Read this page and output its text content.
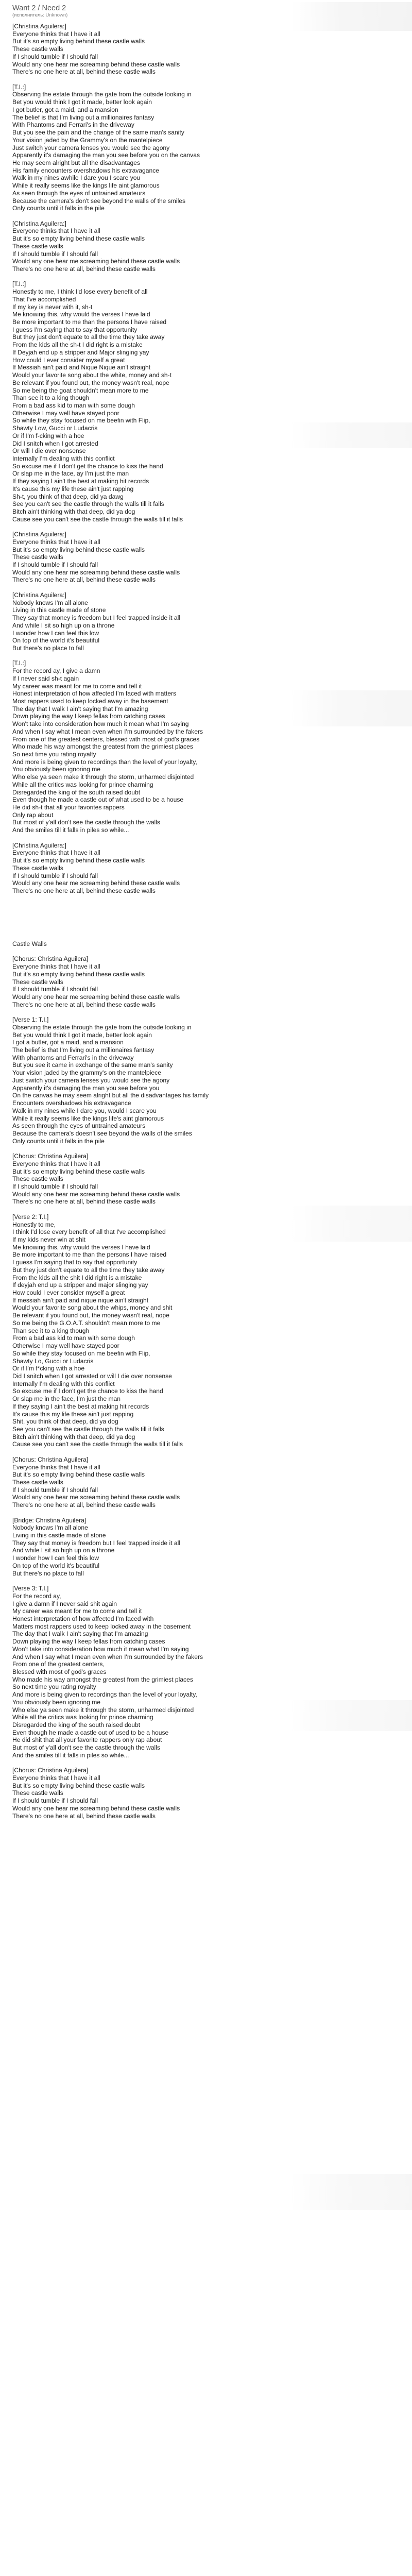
Want 2 / Need 2
(исполнитель: Unknown)
[Christina Aguilera:]
Everyone thinks that I have it all
But it's so empty living behind these castle walls
These castle walls
If I should tumble if I should fall
Would any one hear me screaming behind these castle walls
There's no one here at all, behind these castle walls
[T.I.:]
Observing the estate through the gate from the outside looking in
Bet you would think I got it made, better look again
I got butler, got a maid, and a mansion
The belief is that I'm living out a millionaires fantasy
With Phantoms and Ferrari's in the driveway
But you see the pain and the change of the same man's sanity
Your vision jaded by the Grammy's on the mantelpiece
Just switch your camera lenses you would see the agony
Apparently it's damaging the man you see before you on the canvas
He may seem alright but all the disadvantages
His family encounters overshadows his extravagance
Walk in my nines awhile I dare you I scare you
While it really seems like the kings life aint glamorous
As seen through the eyes of untrained amateurs
Because the camera's don't see beyond the walls of the smiles
Only counts until it falls in the pile
[Christina Aguilera:]
Everyone thinks that I have it all
But it's so empty living behind these castle walls
These castle walls
If I should tumble if I should fall
Would any one hear me screaming behind these castle walls
There's no one here at all, behind these castle walls
[T.I.:]
Honestly to me, I think I'd lose every benefit of all
That I've accomplished
If my key is never with it, sh-t
Me knowing this, why would the verses I have laid
Be more important to me than the persons I have raised
I guess I'm saying that to say that opportunity
But they just don't equate to all the time they take away
From the kids all the sh-t I did right is a mistake
If Deyjah end up a stripper and Major slinging yay
How could I ever consider myself a great
If Messiah ain't paid and Nique Nique ain't straight
Would your favorite song about the white, money and sh-t
Be relevant if you found out, the money wasn't real, nope
So me being the goat shouldn't mean more to me
Than see it to a king though
From a bad ass kid to man with some dough
Otherwise I may well have stayed poor
So while they stay focused on me beefin with Flip,
Shawty Low, Gucci or Ludacris
Or if I'm f-cking with a hoe
Did I snitch when I got arrested
Or will I die over nonsense
Internally I'm dealing with this conflict
So excuse me if I don't get the chance to kiss the hand
Or slap me in the face, ay I'm just the man
If they saying I ain't the best at making hit records
It's cause this my life these ain't just rapping
Sh-t, you think of that deep, did ya dawg
See you can't see the castle through the walls till it falls
Bitch ain't thinking with that deep, did ya dog
Cause see you can't see the castle through the walls till it falls
[Christina Aguilera:]
Everyone thinks that I have it all
But it's so empty living behind these castle walls
These castle walls
If I should tumble if I should fall
Would any one hear me screaming behind these castle walls
There's no one here at all, behind these castle walls
[Christina Aguilera:]
Nobody knows I'm all alone
Living in this castle made of stone
They say that money is freedom but I feel trapped inside it all
And while I sit so high up on a throne
I wonder how I can feel this low
On top of the world it's beautiful
But there's no place to fall
[T.I.:]
For the record ay, I give a damn
If I never said sh-t again
My career was meant for me to come and tell it
Honest interpretation of how affected I'm faced with matters
Most rappers used to keep locked away in the basement
The day that I walk I ain't saying that I'm amazing
Down playing the way I keep fellas from catching cases
Won't take into consideration how much it mean what I'm saying
And when I say what I mean even when I'm surrounded by the fakers
From one of the greatest centers, blessed with most of god's graces
Who made his way amongst the greatest from the grimiest places
So next time you rating royalty
And more is being given to recordings than the level of your loyalty,
You obviously been ignoring me
Who else ya seen make it through the storm, unharmed disjointed
While all the critics was looking for prince charming
Disregarded the king of the south raised doubt
Even though he made a castle out of what used to be a house
He did sh-t that all your favorites rappers
Only rap about
But most of y'all don't see the castle through the walls
And the smiles till it falls in piles so while...
[Christina Aguilera:]
Everyone thinks that I have it all
But it's so empty living behind these castle walls
These castle walls
If I should tumble if I should fall
Would any one hear me screaming behind these castle walls
There's no one here at all, behind these castle walls
Castle Walls
[Chorus: Christina Aguilera]
Everyone thinks that I have it all
But it's so empty living behind these castle walls
These castle walls
If I should tumble if I should fall
Would any one hear me screaming behind these castle walls
There's no one here at all, behind these castle walls
[Verse 1: T.I.]
Observing the estate through the gate from the outside looking in
Bet you would think I got it made, better look again
I got a butler, got a maid, and a mansion
The belief is that I'm living out a millionaires fantasy
With phantoms and Ferrari's in the driveway
But you see it came in exchange of the same man's sanity
Your vision jaded by the grammy's on the mantelpiece
Just switch your camera lenses you would see the agony
Apparently it's damaging the man you see before you
On the canvas he may seem alright but all the disadvantages his family
Encounters overshadows his extravagance
Walk in my nines while I dare you, would I scare you
While it really seems like the kings life's aint glamorous
As seen through the eyes of untrained amateurs
Because the camera's doesn't see beyond the walls of the smiles
Only counts until it falls in the pile
[Chorus: Christina Aguilera]
Everyone thinks that I have it all
But it's so empty living behind these castle walls
These castle walls
If I should tumble if I should fall
Would any one hear me screaming behind these castle walls
There's no one here at all, behind these castle walls
[Verse 2: T.I.]
Honestly to me,
I think I'd lose every benefit of all that I've accomplished
If my kids never win at shit
Me knowing this, why would the verses I have laid
Be more important to me than the persons I have raised
I guess I'm saying that to say that opportunity
But they just don't equate to all the time they take away
From the kids all the shit I did right is a mistake
If deyjah end up a stripper and major slinging yay
How could I ever consider myself a great
If messiah ain't paid and nique nique ain't straight
Would your favorite song about the whips, money and shit
Be relevant if you found out, the money wasn't real, nope
So me being the G.O.A.T. shouldn't mean more to me
Than see it to a king though
From a bad ass kid to man with some dough
Otherwise I may well have stayed poor
So while they stay focused on me beefin with Flip,
Shawty Lo, Gucci or Ludacris
Or if I'm f*cking with a hoe
Did I snitch when I got arrested or will I die over nonsense
Internally I'm dealing with this conflict
So excuse me if I don't get the chance to kiss the hand
Or slap me in the face, I'm just the man
If they saying I ain't the best at making hit records
It's cause this my life these ain't just rapping
Shit, you think of that deep, did ya dog
See you can't see the castle through the walls till it falls
Bitch ain't thinking with that deep, did ya dog
Cause see you can't see the castle through the walls till it falls
[Chorus: Christina Aguilera]
Everyone thinks that I have it all
But it's so empty living behind these castle walls
These castle walls
If I should tumble if I should fall
Would any one hear me screaming behind these castle walls
There's no one here at all, behind these castle walls
[Bridge: Christina Aguilera]
Nobody knows I'm all alone
Living in this castle made of stone
They say that money is freedom but I feel trapped inside it all
And while I sit so high up on a throne
I wonder how I can feel this low
On top of the world it's beautiful
But there's no place to fall
[Verse 3: T.I.]
For the record ay,
I give a damn if I never said shit again
My career was meant for me to come and tell it
Honest interpretation of how affected I'm faced with
Matters most rappers used to keep locked away in the basement
The day that I walk I ain't saying that I'm amazing
Down playing the way I keep fellas from catching cases
Won't take into consideration how much it mean what I'm saying
And when I say what I mean even when I'm surrounded by the fakers
From one of the greatest centers,
Blessed with most of god's graces
Who made his way amongst the greatest from the grimiest places
So next time you rating royalty
And more is being given to recordings than the level of your loyalty,
You obviously been ignoring me
Who else ya seen make it through the storm, unharmed disjointed
While all the critics was looking for prince charming
Disregarded the king of the south raised doubt
Even though he made a castle out of used to be a house
He did shit that all your favorite rappers only rap about
But most of y'all don't see the castle through the walls
And the smiles till it falls in piles so while...
[Chorus: Christina Aguilera]
Everyone thinks that I have it all
But it's so empty living behind these castle walls
These castle walls
If I should tumble if I should fall
Would any one hear me screaming behind these castle walls
There's no one here at all, behind these castle walls
